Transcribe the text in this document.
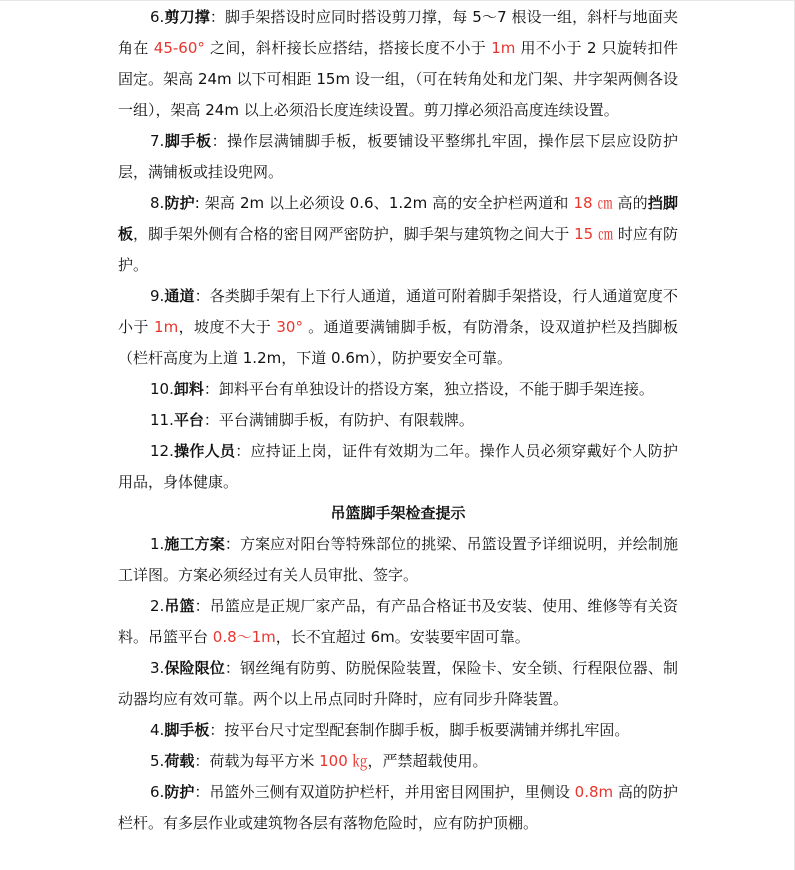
6.剪刀撑：脚手架搭设时应同时搭设剪刀撑，每 5～7 根设一组，斜杆与地面夹角在 45-60° 之间，斜杆接长应搭结，搭接长度不小于 1m 用不小于 2 只旋转扣件固定。架高 24m 以下可相距 15m 设一组，（可在转角处和龙门架、井字架两侧各设一组），架高 24m 以上必须沿长度连续设置。剪刀撑必须沿高度连续设置。

7.脚手板：操作层满铺脚手板，板要铺设平整绑扎牢固，操作层下层应设防护层，满铺板或挂设兜网。

8.防护: 架高 2m 以上必须设 0.6、1.2m 高的安全护栏两道和 18 ㎝ 高的挡脚板，脚手架外侧有合格的密目网严密防护，脚手架与建筑物之间大于 15 ㎝ 时应有防护。

9.通道：各类脚手架有上下行人通道，通道可附着脚手架搭设，行人通道宽度不小于 1m，坡度不大于 30° 。通道要满铺脚手板，有防滑条，设双道护栏及挡脚板（栏杆高度为上道 1.2m，下道 0.6m），防护要安全可靠。

10.卸料：卸料平台有单独设计的搭设方案，独立搭设，不能于脚手架连接。

11.平台：平台满铺脚手板，有防护、有限载牌。

12.操作人员：应持证上岗，证件有效期为二年。操作人员必须穿戴好个人防护用品，身体健康。

吊篮脚手架检查提示

1.施工方案：方案应对阳台等特殊部位的挑梁、吊篮设置予详细说明，并绘制施工详图。方案必须经过有关人员审批、签字。

2.吊篮：吊篮应是正规厂家产品，有产品合格证书及安装、使用、维修等有关资料。吊篮平台 0.8～1m，长不宜超过 6m。安装要牢固可靠。

3.保险限位：钢丝绳有防剪、防脱保险装置，保险卡、安全锁、行程限位器、制动器均应有效可靠。两个以上吊点同时升降时，应有同步升降装置。

4.脚手板：按平台尺寸定型配套制作脚手板，脚手板要满铺并绑扎牢固。

5.荷载：荷载为每平方米 100 ㎏，严禁超载使用。

6.防护：吊篮外三侧有双道防护栏杆，并用密目网围护，里侧设 0.8m 高的防护栏杆。有多层作业或建筑物各层有落物危险时，应有防护顶棚。
